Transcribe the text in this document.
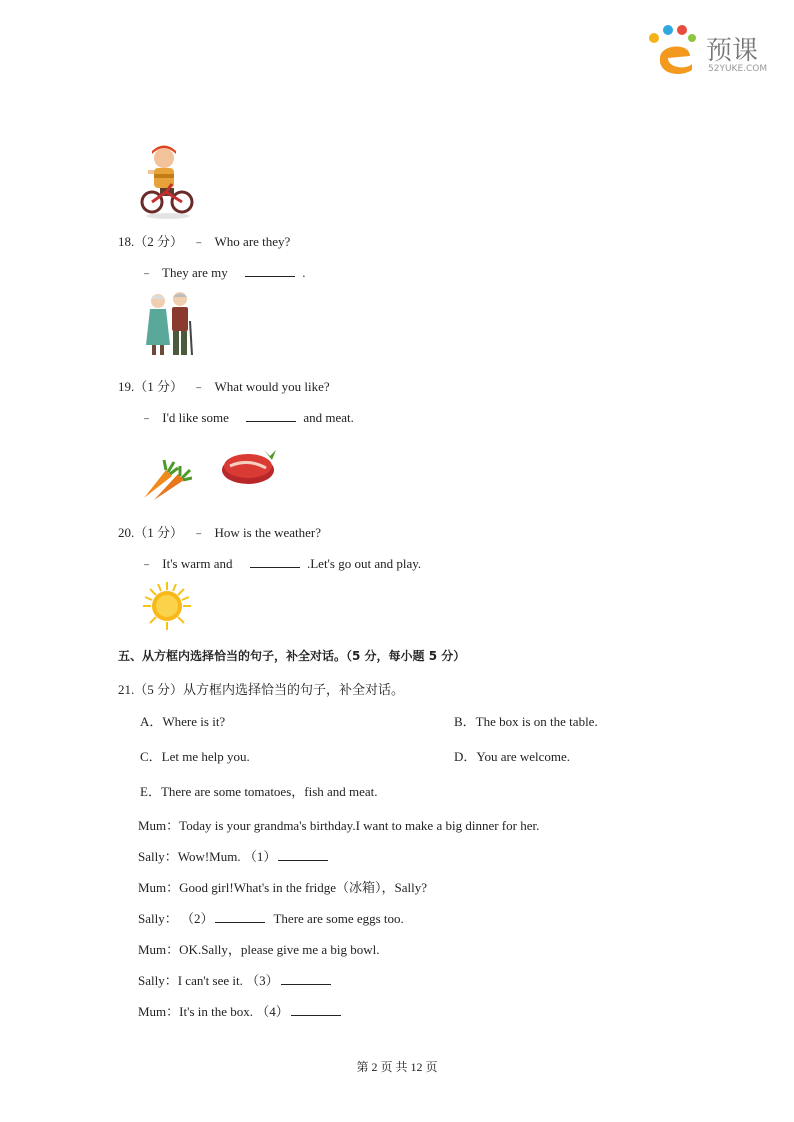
预课
52YUKE.COM
18.（2 分） ﹣ Who are they?
﹣ They are my	.
19.（1 分） ﹣ What would you like?
﹣ I'd like some	and meat.
20.（1 分） ﹣ How is the weather?
﹣ It's warm and	.Let's go out and play.
五、从方框内选择恰当的句子，补全对话。（5 分，每小题 5 分）
21.（5 分）从方框内选择恰当的句子，补全对话。
A．Where is it?	B．The box is on the table.
C．Let me help you.	D．You are welcome.
E．There are some tomatoes，fish and meat.
Mum：Today is your grandma's birthday.I want to make a big dinner for her.
Sally：Wow!Mum. （1）
Mum：Good girl!What's in the fridge（冰箱），Sally?
Sally： （2）	There are some eggs too.
Mum：OK.Sally，please give me a big bowl.
Sally：I can't see it. （3）
Mum：It's in the box. （4）
第 2 页 共 12 页
